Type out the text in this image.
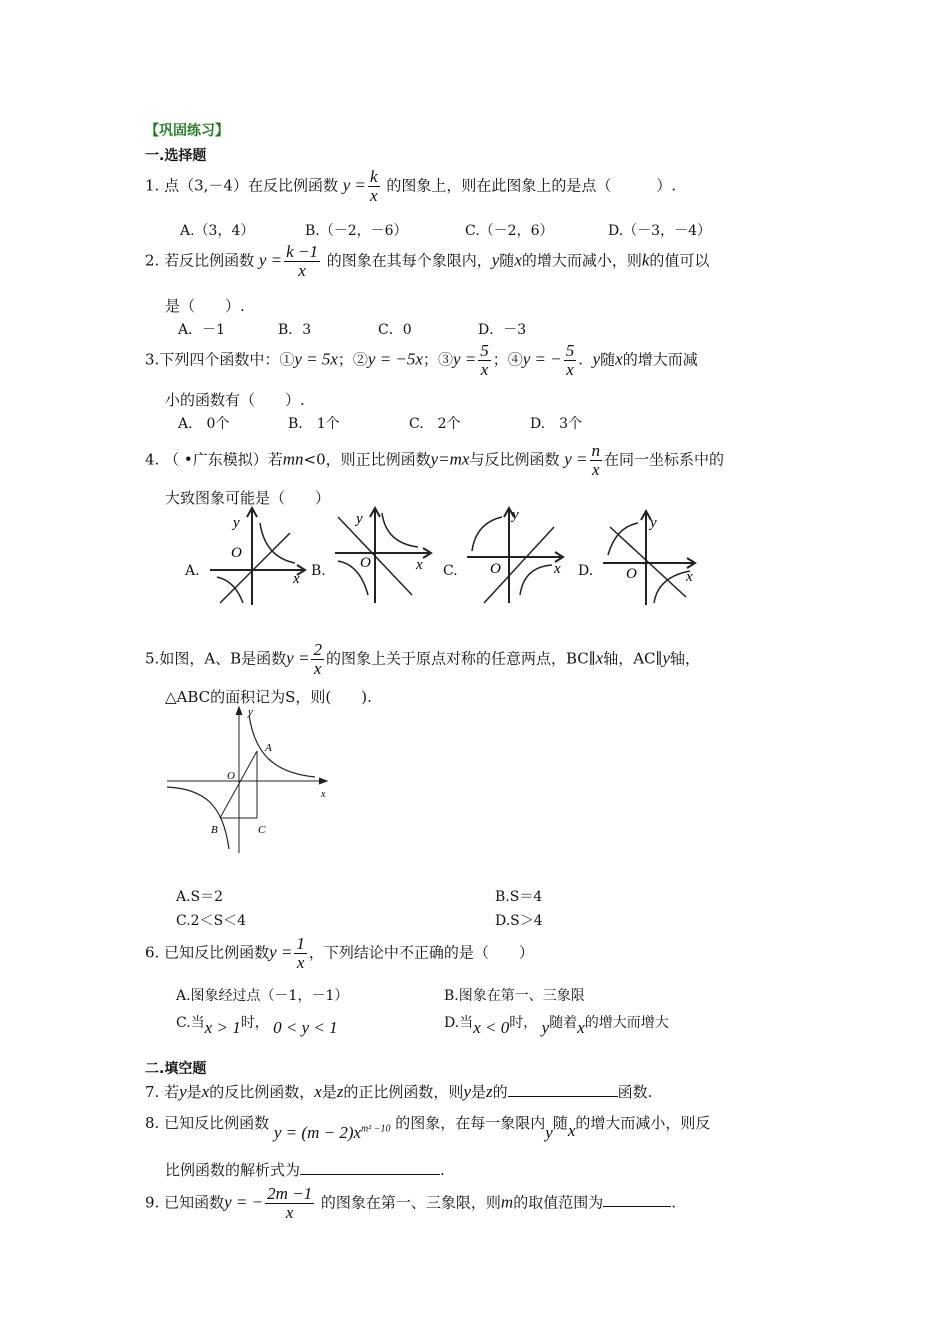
【巩固练习】
一.选择题
1. 点（3,－4）在反比例函数 $y = \frac{k}{x}$ 的图象上，则在此图象上的是点（　　　）.
A.（3，4）	B.（－2，－6）	C.（－2，6）	D.（－3，－4）
2. 若反比例函数 $y = \frac{k -1}{x}$ 的图象在其每个象限内，y随x的增大而减小，则k的值可以
是（　　）.
A．－1	B．3	C．0	D．－3
3.下列四个函数中：①y = 5x；②y = −5x；③y = $\frac{5}{x}$ ；④y = − $\frac{5}{x}$ . y随x的增大而减
小的函数有（　　）.
A.　0个	B.　1个	C.　2个	D.　3个
4. （ •广东模拟）若mn<0，则正比例函数y=mx与反比例函数 $y = \frac{n}{x}$ 在同一坐标系中的
大致图象可能是（　　）
A.	B.	C.	D.
y
O
x
y
O	x
y
O	x
y
O	x
5.如图，A、B是函数$y = \frac{2}{x}$ 的图象上关于原点对称的任意两点，BC∥x轴，AC∥y轴，
△ABC的面积记为S，则(　　).
y
O
A
B	C
x
A.S＝2	B.S＝4
C.2＜S＜4	D.S＞4
6. 已知反比例函数$y = \frac{1}{x}$ ，下列结论中不正确的是（　　）
A.图象经过点（－1，－1）	B.图象在第一、三象限
C.当x > 1时， 0 < y < 1	D.当x < 0时， y随着x的增大而增大
二.填空题
7. 若y是x的反比例函数，x是z的正比例函数，则y是z的	函数.
8. 已知反比例函数 $y = (m - 2)x^{m^2 -10}$ 的图象，在每一象限内y随x的增大而减小，则反
比例函数的解析式为	.
9. 已知函数y = − $\frac{2m -1}{x}$ 的图象在第一、三象限，则m的取值范围为	.
